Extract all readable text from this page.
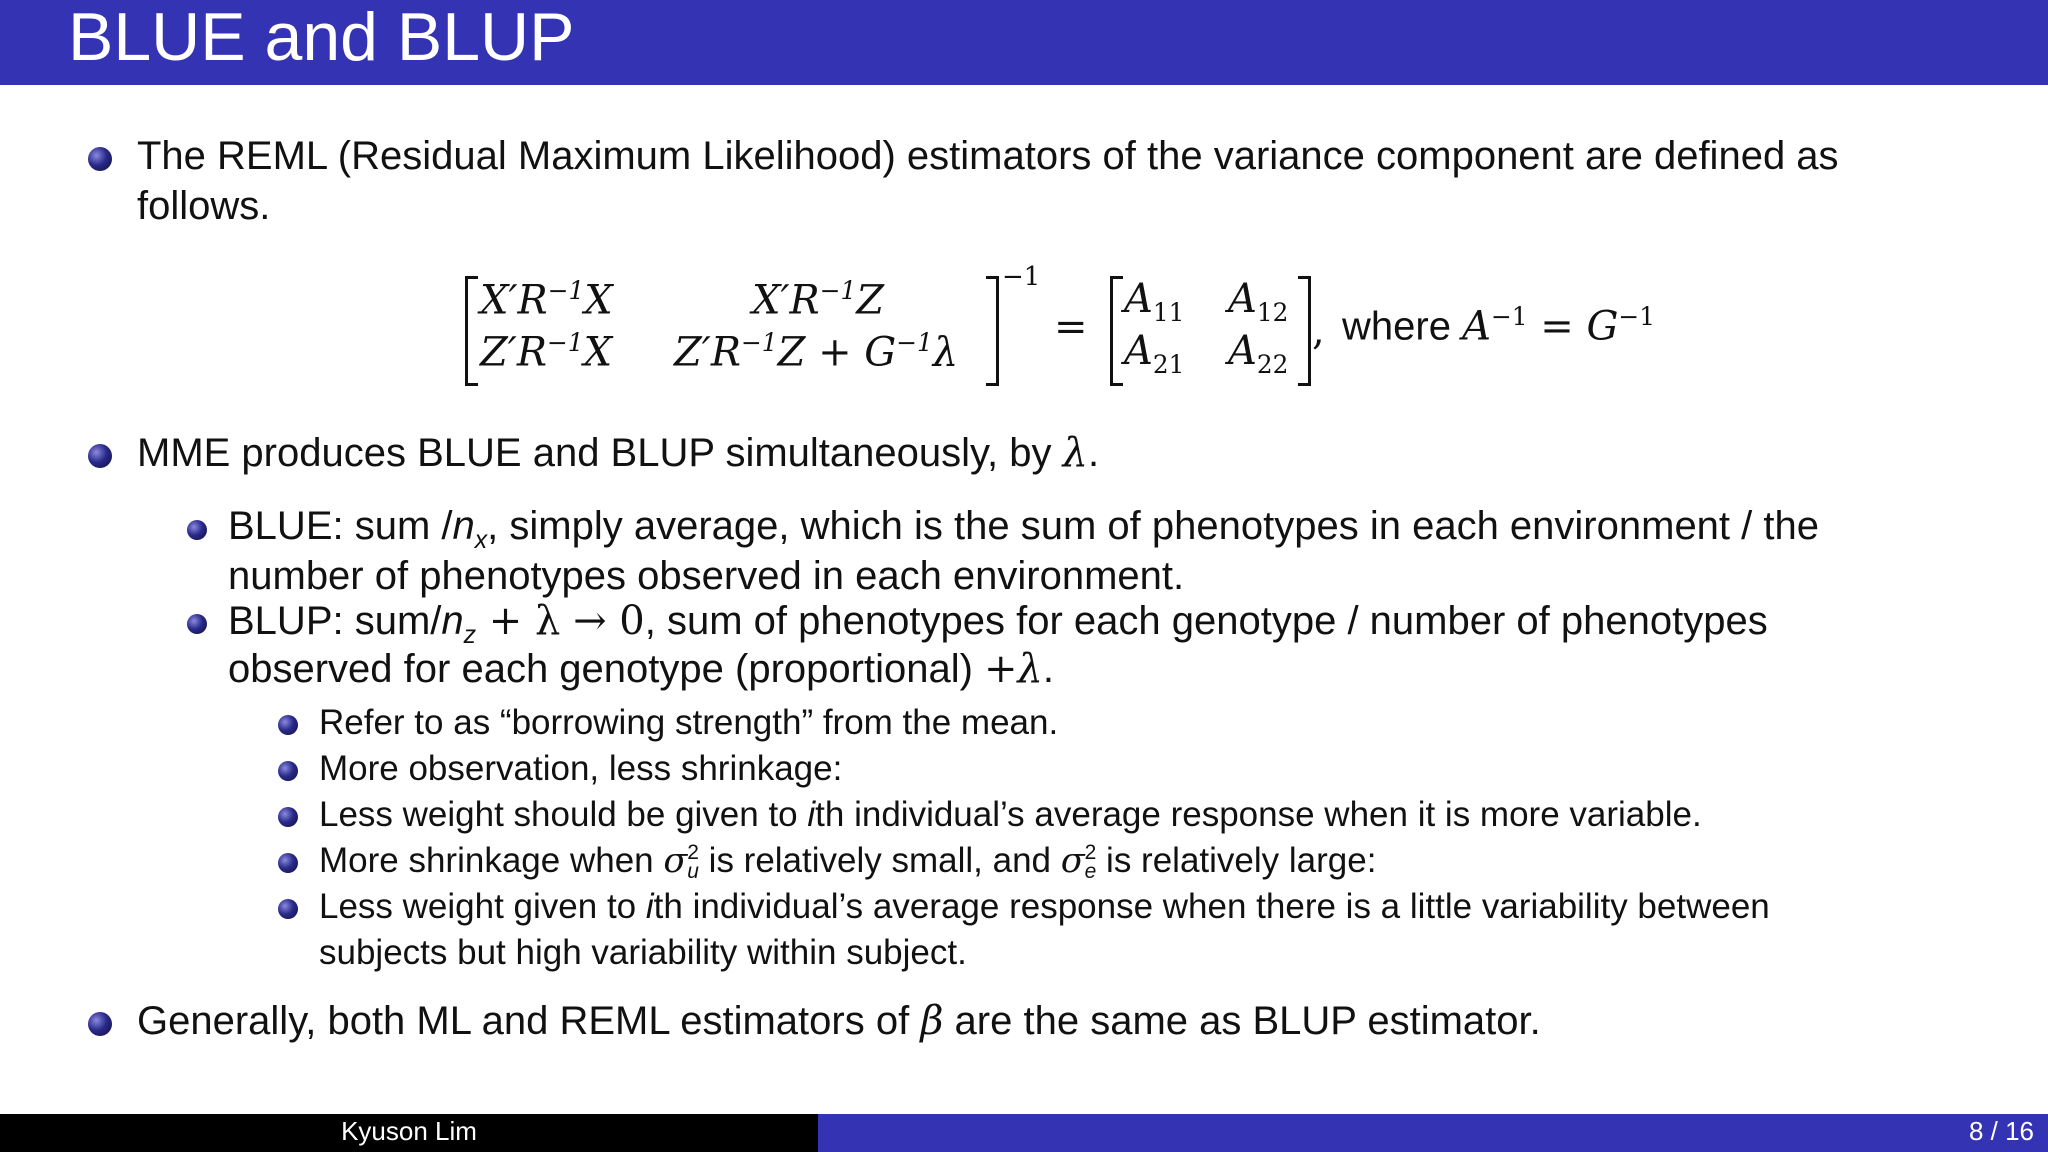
BLUE and BLUP
The REML (Residual Maximum Likelihood) estimators of the variance component are defined as
follows.
$X'R^{-1}X$	$X'R^{-1}Z$
$Z'R^{-1}X$ $Z'R^{-1}Z + G^{-1}\lambda$
−1
=
$A_{11}$ $A_{12}$
$A_{21}$ $A_{22}$
, where $A^{-1} = G^{-1}$
MME produces BLUE and BLUP simultaneously, by λ.
BLUE: sum $/n_x$, simply average, which is the sum of phenotypes in each environment / the
number of phenotypes observed in each environment.
BLUP: sum/$n_z + \lambda \to 0$, sum of phenotypes for each genotype / number of phenotypes
observed for each genotype (proportional) +λ.
Refer to as “borrowing strength” from the mean.
More observation, less shrinkage:
Less weight should be given to ith individual’s average response when it is more variable.
More shrinkage when σ 2
u is relatively small, and σ 2
e is relatively large:
Less weight given to ith individual’s average response when there is a little variability between
subjects but high variability within subject.
Generally, both ML and REML estimators of β are the same as BLUP estimator.
Kyuson Lim	8 / 16
